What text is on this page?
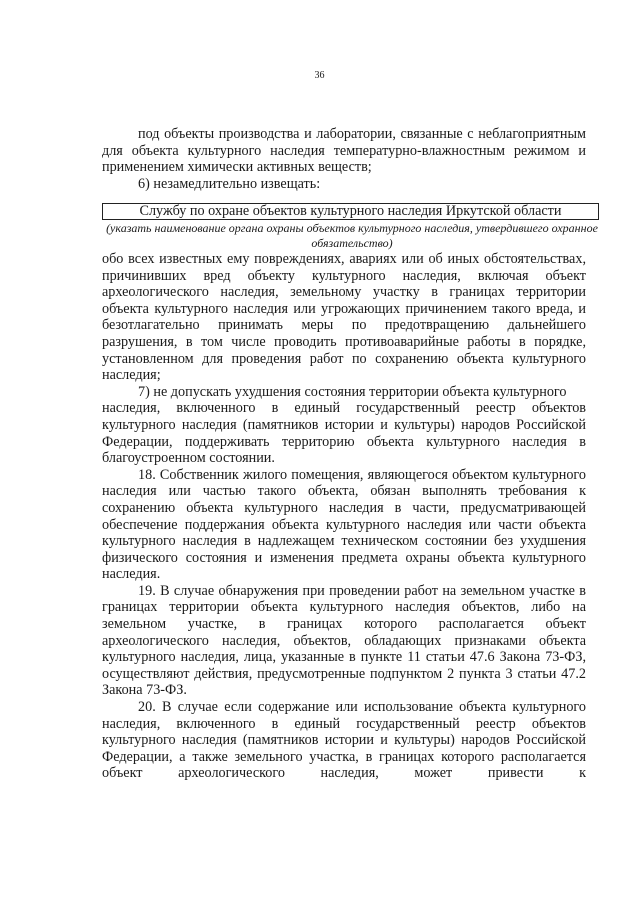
36

под объекты производства и лаборатории, связанные с неблагоприятным для объекта культурного наследия температурно-влажностным режимом и применением химически активных веществ;

6) незамедлительно извещать:

Службу по охране объектов культурного наследия Иркутской области
(указать наименование органа охраны объектов культурного наследия, утвердившего охранное обязательство)

обо всех известных ему повреждениях, авариях или об иных обстоятельствах, причинивших вред объекту культурного наследия, включая объект археологического наследия, земельному участку в границах территории объекта культурного наследия или угрожающих причинением такого вреда, и безотлагательно принимать меры по предотвращению дальнейшего разрушения, в том числе проводить противоаварийные работы в порядке, установленном для проведения работ по сохранению объекта культурного наследия;

7) не допускать ухудшения состояния территории объекта культурного

наследия, включенного в единый государственный реестр объектов культурного наследия (памятников истории и культуры) народов Российской Федерации, поддерживать территорию объекта культурного наследия в благоустроенном состоянии.

18. Собственник жилого помещения, являющегося объектом культурного наследия или частью такого объекта, обязан выполнять требования к сохранению объекта культурного наследия в части, предусматривающей обеспечение поддержания объекта культурного наследия или части объекта культурного наследия в надлежащем техническом состоянии без ухудшения физического состояния и изменения предмета охраны объекта культурного наследия.

19. В случае обнаружения при проведении работ на земельном участке в границах территории объекта культурного наследия объектов, либо на земельном участке, в границах которого располагается объект археологического наследия, объектов, обладающих признаками объекта культурного наследия, лица, указанные в пункте 11 статьи 47.6 Закона 73-ФЗ, осуществляют действия, предусмотренные подпунктом 2 пункта 3 статьи 47.2 Закона 73-ФЗ.

20. В случае если содержание или использование объекта культурного наследия, включенного в единый государственный реестр объектов культурного наследия (памятников истории и культуры) народов Российской Федерации, а также земельного участка, в границах которого располагается объект археологического наследия, может привести к
